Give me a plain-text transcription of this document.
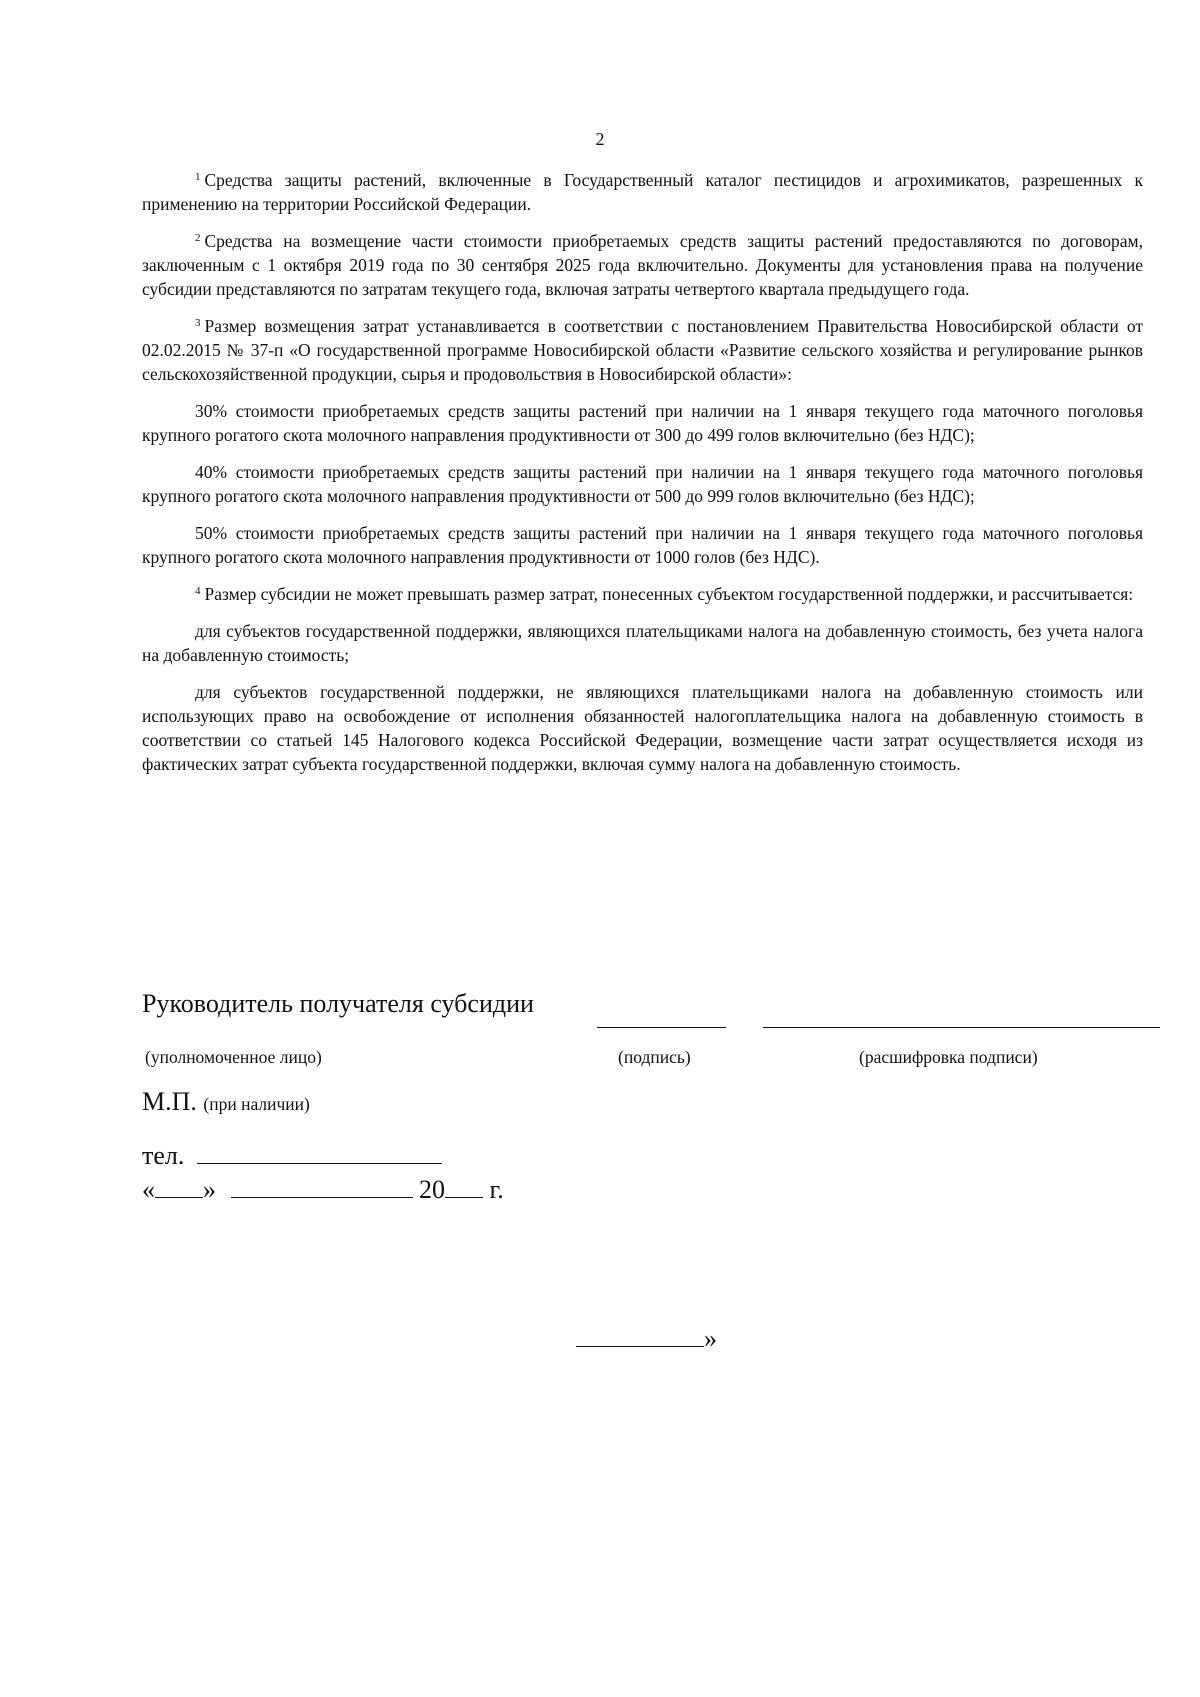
2

$^1$ Средства защиты растений, включенные в Государственный каталог пестицидов и агрохимикатов, разрешенных к применению на территории Российской Федерации.

$^2$ Средства на возмещение части стоимости приобретаемых средств защиты растений предоставляются по договорам, заключенным с 1 октября 2019 года по 30 сентября 2025 года включительно. Документы для установления права на получение субсидии представляются по затратам текущего года, включая затраты четвертого квартала предыдущего года.

$^3$ Размер возмещения затрат устанавливается в соответствии с постановлением Правительства Новосибирской области от 02.02.2015 № 37-п «О государственной программе Новосибирской области «Развитие сельского хозяйства и регулирование рынков сельскохозяйственной продукции, сырья и продовольствия в Новосибирской области»:

30% стоимости приобретаемых средств защиты растений при наличии на 1 января текущего года маточного поголовья крупного рогатого скота молочного направления продуктивности от 300 до 499 голов включительно (без НДС);

40% стоимости приобретаемых средств защиты растений при наличии на 1 января текущего года маточного поголовья крупного рогатого скота молочного направления продуктивности от 500 до 999 голов включительно (без НДС);

50% стоимости приобретаемых средств защиты растений при наличии на 1 января текущего года маточного поголовья крупного рогатого скота молочного направления продуктивности от 1000 голов (без НДС).

$^4$ Размер субсидии не может превышать размер затрат, понесенных субъектом государственной поддержки, и рассчитывается:

для субъектов государственной поддержки, являющихся плательщиками налога на добавленную стоимость, без учета налога на добавленную стоимость;

для субъектов государственной поддержки, не являющихся плательщиками налога на добавленную стоимость или использующих право на освобождение от исполнения обязанностей налогоплательщика налога на добавленную стоимость в соответствии со статьей 145 Налогового кодекса Российской Федерации, возмещение части затрат осуществляется исходя из фактических затрат субъекта государственной поддержки, включая сумму налога на добавленную стоимость.

Руководитель получателя субсидии
(уполномоченное лицо)	(подпись)	(расшифровка подписи)
М.П. (при наличии)
тел.
« »	20 г.
»
